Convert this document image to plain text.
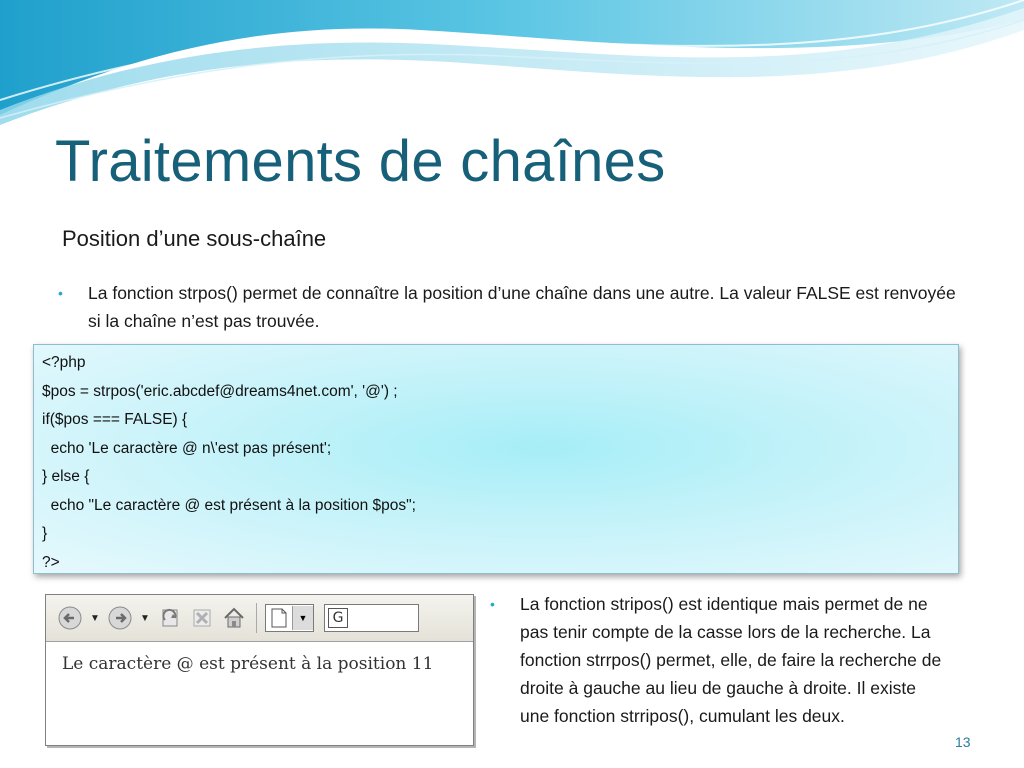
Traitements de chaînes
Position d’une sous-chaîne
•	La fonction strpos() permet de connaître la position d’une chaîne dans une autre. La valeur FALSE est renvoyée si la chaîne n’est pas trouvée.
<?php
$pos = strpos('eric.abcdef@dreams4net.com', '@') ;
if($pos === FALSE) {
echo 'Le caractère @ n\'est pas présent';
} else {
echo "Le caractère @ est présent à la position $pos";
}
?>
▼	▼	▼	G
Le caractère @ est présent à la position 11
•	La fonction stripos() est identique mais permet de ne pas tenir compte de la casse lors de la recherche. La fonction strrpos() permet, elle, de faire la recherche de droite à gauche au lieu de gauche à droite. Il existe une fonction strripos(), cumulant les deux.
13
